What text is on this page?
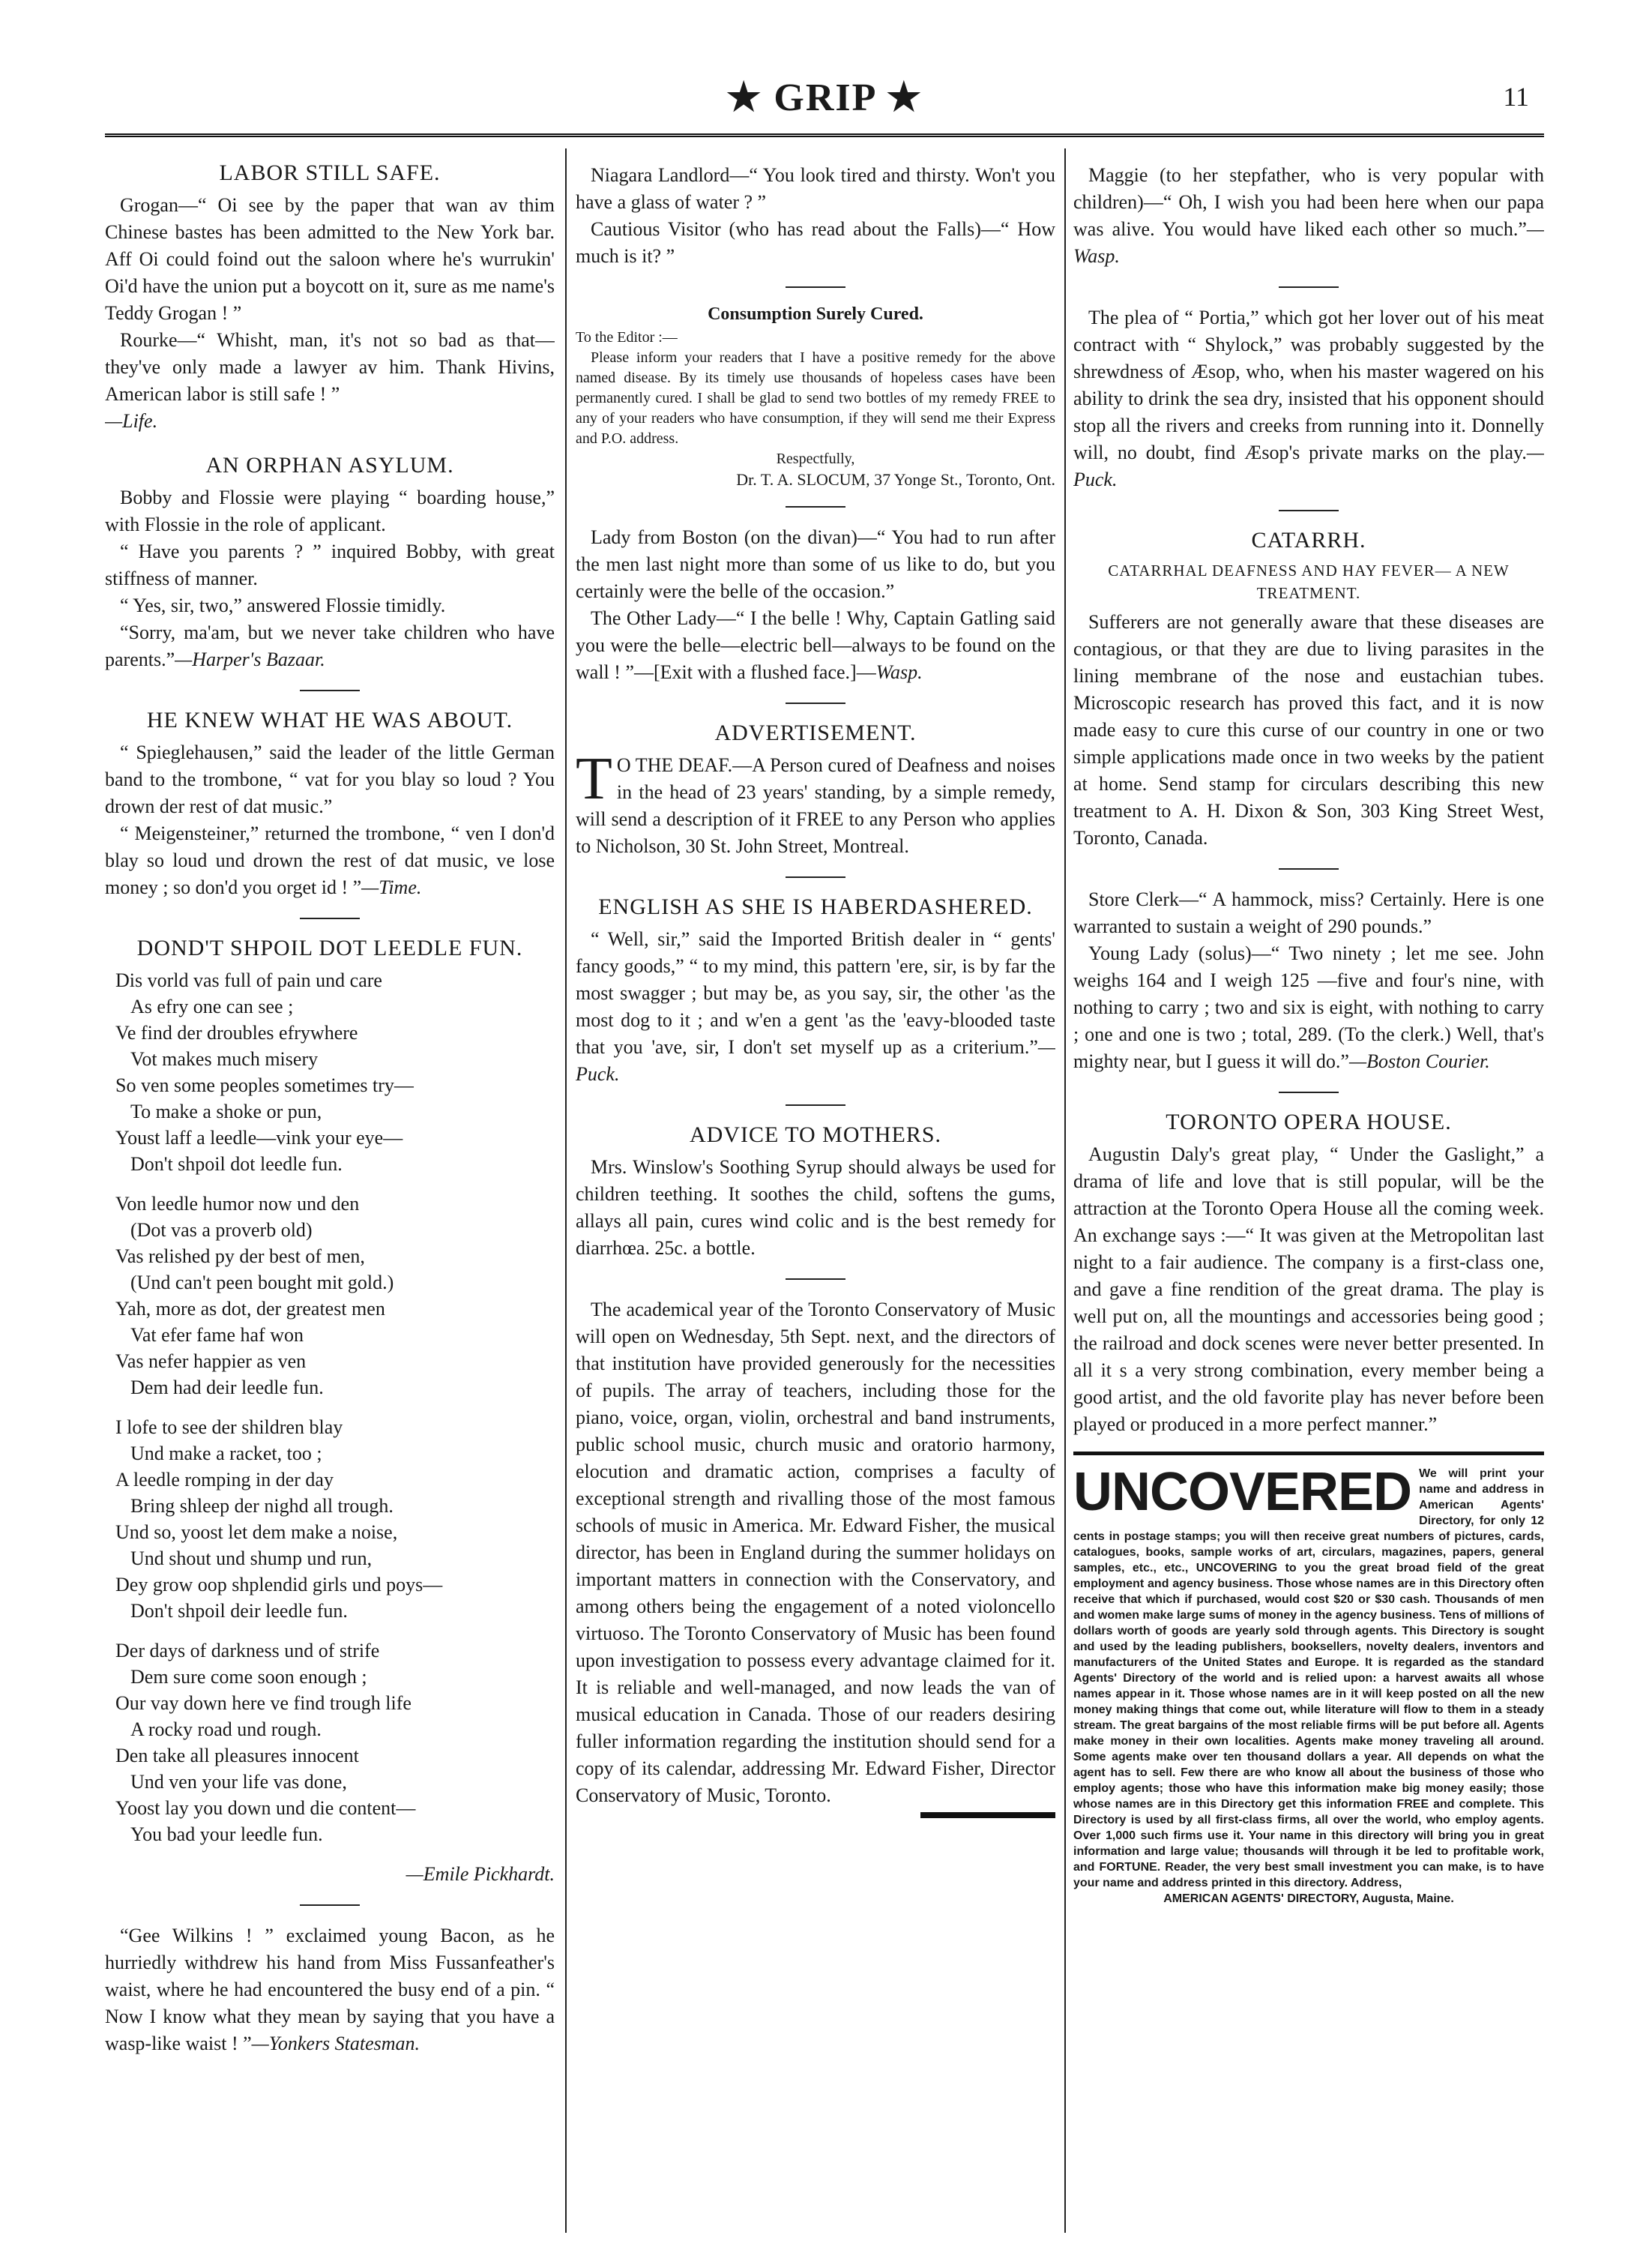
★ GRIP ★	11
LABOR STILL SAFE.

Grogan—“ Oi see by the paper that wan av thim Chinese bastes has been admitted to the New York bar. Aff Oi could foind out the saloon where he's wurrukin' Oi'd have the union put a boycott on it, sure as me name's Teddy Grogan ! ”

Rourke—“ Whisht, man, it's not so bad as that—they've only made a lawyer av him. Thank Hivins, American labor is still safe ! ”

—Life.

AN ORPHAN ASYLUM.

Bobby and Flossie were playing “ boarding house,” with Flossie in the role of applicant.

“ Have you parents ? ” inquired Bobby, with great stiffness of manner.

“ Yes, sir, two,” answered Flossie timidly.

“Sorry, ma'am, but we never take children who have parents.”—Harper's Bazaar.

HE KNEW WHAT HE WAS ABOUT.

“ Spieglehausen,” said the leader of the little German band to the trombone, “ vat for you blay so loud ? You drown der rest of dat music.”

“ Meigensteiner,” returned the trombone, “ ven I don'd blay so loud und drown the rest of dat music, ve lose money ; so don'd you orget id ! ”—Time.

DOND'T SHPOIL DOT LEEDLE FUN.
Dis vorld vas full of pain und care
As efry one can see ;
Ve find der droubles efrywhere
Vot makes much misery
So ven some peoples sometimes try—
To make a shoke or pun,
Youst laff a leedle—vink your eye—
Don't shpoil dot leedle fun.
Von leedle humor now und den
(Dot vas a proverb old)
Vas relished py der best of men,
(Und can't peen bought mit gold.)
Yah, more as dot, der greatest men
Vat efer fame haf won
Vas nefer happier as ven
Dem had deir leedle fun.
I lofe to see der shildren blay
Und make a racket, too ;
A leedle romping in der day
Bring shleep der nighd all trough.
Und so, yoost let dem make a noise,
Und shout und shump und run,
Dey grow oop shplendid girls und poys—
Don't shpoil deir leedle fun.
Der days of darkness und of strife
Dem sure come soon enough ;
Our vay down here ve find trough life
A rocky road und rough.
Den take all pleasures innocent
Und ven your life vas done,
Yoost lay you down und die content—
You bad your leedle fun.

—Emile Pickhardt.

“Gee Wilkins ! ” exclaimed young Bacon, as he hurriedly withdrew his hand from Miss Fussanfeather's waist, where he had encountered the busy end of a pin. “ Now I know what they mean by saying that you have a wasp-like waist ! ”—Yonkers Statesman.

Niagara Landlord—“ You look tired and thirsty. Won't you have a glass of water ? ”

Cautious Visitor (who has read about the Falls)—“ How much is it? ”

Consumption Surely Cured.

To the Editor :—

Please inform your readers that I have a positive remedy for the above named disease. By its timely use thousands of hopeless cases have been permanently cured. I shall be glad to send two bottles of my remedy FREE to any of your readers who have consumption, if they will send me their Express and P.O. address.

Respectfully,

Dr. T. A. SLOCUM, 37 Yonge St., Toronto, Ont.

Lady from Boston (on the divan)—“ You had to run after the men last night more than some of us like to do, but you certainly were the belle of the occasion.”

The Other Lady—“ I the belle ! Why, Captain Gatling said you were the belle—electric bell—always to be found on the wall ! ”—[Exit with a flushed face.]—Wasp.

ADVERTISEMENT.

T O THE DEAF.—A Person cured of Deafness and noises in the head of 23 years' standing, by a simple remedy, will send a description of it FREE to any Person who applies to Nicholson, 30 St. John Street, Montreal.

ENGLISH AS SHE IS HABERDASHERED.

“ Well, sir,” said the Imported British dealer in “ gents' fancy goods,” “ to my mind, this pattern 'ere, sir, is by far the most swagger ; but may be, as you say, sir, the other 'as the most dog to it ; and w'en a gent 'as the 'eavy-blooded taste that you 'ave, sir, I don't set myself up as a criterium.”—Puck.

ADVICE TO MOTHERS.

Mrs. Winslow's Soothing Syrup should always be used for children teething. It soothes the child, softens the gums, allays all pain, cures wind colic and is the best remedy for diarrhœa. 25c. a bottle.

The academical year of the Toronto Conservatory of Music will open on Wednesday, 5th Sept. next, and the directors of that institution have provided generously for the necessities of pupils. The array of teachers, including those for the piano, voice, organ, violin, orchestral and band instruments, public school music, church music and oratorio harmony, elocution and dramatic action, comprises a faculty of exceptional strength and rivalling those of the most famous schools of music in America. Mr. Edward Fisher, the musical director, has been in England during the summer holidays on important matters in connection with the Conservatory, and among others being the engagement of a noted violoncello virtuoso. The Toronto Conservatory of Music has been found upon investigation to possess every advantage claimed for it. It is reliable and well-managed, and now leads the van of musical education in Canada. Those of our readers desiring fuller information regarding the institution should send for a copy of its calendar, addressing Mr. Edward Fisher, Director Conservatory of Music, Toronto.

Maggie (to her stepfather, who is very popular with children)—“ Oh, I wish you had been here when our papa was alive. You would have liked each other so much.”—Wasp.

The plea of “ Portia,” which got her lover out of his meat contract with “ Shylock,” was probably suggested by the shrewdness of Æsop, who, when his master wagered on his ability to drink the sea dry, insisted that his opponent should stop all the rivers and creeks from running into it. Donnelly will, no doubt, find Æsop's private marks on the play.—Puck.

CATARRH.
CATARRHAL DEAFNESS AND HAY FEVER— A NEW TREATMENT.

Sufferers are not generally aware that these diseases are contagious, or that they are due to living parasites in the lining membrane of the nose and eustachian tubes. Microscopic research has proved this fact, and it is now made easy to cure this curse of our country in one or two simple applications made once in two weeks by the patient at home. Send stamp for circulars describing this new treatment to A. H. Dixon & Son, 303 King Street West, Toronto, Canada.

Store Clerk—“ A hammock, miss? Certainly. Here is one warranted to sustain a weight of 290 pounds.”

Young Lady (solus)—“ Two ninety ; let me see. John weighs 164 and I weigh 125 —five and four's nine, with nothing to carry ; two and six is eight, with nothing to carry ; one and one is two ; total, 289. (To the clerk.) Well, that's mighty near, but I guess it will do.”—Boston Courier.

TORONTO OPERA HOUSE.

Augustin Daly's great play, “ Under the Gaslight,” a drama of life and love that is still popular, will be the attraction at the Toronto Opera House all the coming week. An exchange says :—“ It was given at the Metropolitan last night to a fair audience. The company is a first-class one, and gave a fine rendition of the great drama. The play is well put on, all the mountings and accessories being good ; the railroad and dock scenes were never better presented. In all it s a very strong combination, every member being a good artist, and the old favorite play has never before been played or produced in a more perfect manner.”

UNCOVERED We will print your name and address in American Agents' Directory, for only 12 cents in postage stamps; you will then receive great numbers of pictures, cards, catalogues, books, sample works of art, circulars, magazines, papers, general samples, etc., etc., UNCOVERING to you the great broad field of the great employment and agency business. Those whose names are in this Directory often receive that which if purchased, would cost $20 or $30 cash. Thousands of men and women make large sums of money in the agency business. Tens of millions of dollars worth of goods are yearly sold through agents. This Directory is sought and used by the leading publishers, booksellers, novelty dealers, inventors and manufacturers of the United States and Europe. It is regarded as the standard Agents' Directory of the world and is relied upon: a harvest awaits all whose names appear in it. Those whose names are in it will keep posted on all the new money making things that come out, while literature will flow to them in a steady stream. The great bargains of the most reliable firms will be put before all. Agents make money in their own localities. Agents make money traveling all around. Some agents make over ten thousand dollars a year. All depends on what the agent has to sell. Few there are who know all about the business of those who employ agents; those who have this information make big money easily; those whose names are in this Directory get this information FREE and complete. This Directory is used by all first-class firms, all over the world, who employ agents. Over 1,000 such firms use it. Your name in this directory will bring you in great information and large value; thousands will through it be led to profitable work, and FORTUNE. Reader, the very best small investment you can make, is to have your name and address printed in this directory. Address,
AMERICAN AGENTS' DIRECTORY, Augusta, Maine.
